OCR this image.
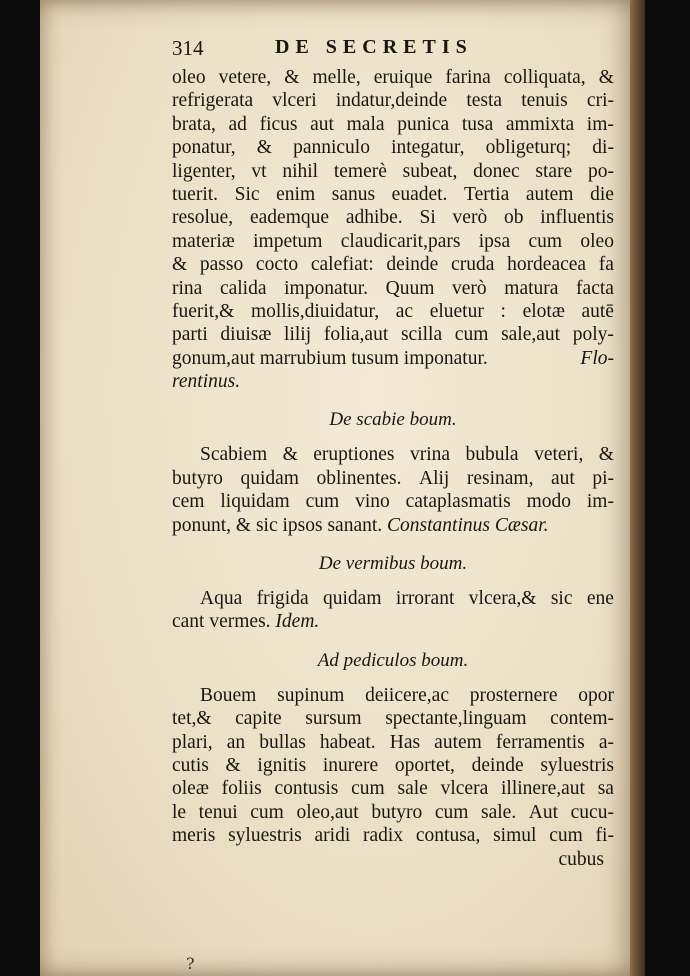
314	DE SECRETIS
oleo vetere, & melle, eruique farina colliquata, &
refrigerata vlceri indatur,deinde testa tenuis cri-
brata, ad ficus aut mala punica tusa ammixta im-
ponatur, & panniculo integatur, obligeturq; di-
ligenter, vt nihil temerè subeat, donec stare po-
tuerit. Sic enim sanus euadet. Tertia autem die
resolue, eademque adhibe. Si verò ob influentis
materiæ impetum claudicarit,pars ipsa cum oleo
& passo cocto calefiat: deinde cruda hordeacea fa
rina calida imponatur. Quum verò matura facta
fuerit,& mollis,diuidatur, ac eluetur : elotæ autē
parti diuisæ lilij folia,aut scilla cum sale,aut poly-
gonum,aut marrubium tusum imponatur.	Flo-
rentinus.
De scabie boum.
Scabiem & eruptiones vrina bubula veteri, &
butyro quidam oblinentes. Alij resinam, aut pi-
cem liquidam cum vino cataplasmatis modo im-
ponunt, & sic ipsos sanant. Constantinus Cæsar.
De vermibus boum.
Aqua frigida quidam irrorant vlcera,& sic ene
cant vermes. Idem.
Ad pediculos boum.
Bouem supinum deiicere,ac prosternere opor
tet,& capite sursum spectante,linguam contem-
plari, an bullas habeat. Has autem ferramentis a-
cutis & ignitis inurere oportet, deinde syluestris
oleæ foliis contusis cum sale vlcera illinere,aut sa
le tenui cum oleo,aut butyro cum sale. Aut cucu-
meris syluestris aridi radix contusa, simul cum fi-
cubus
?
